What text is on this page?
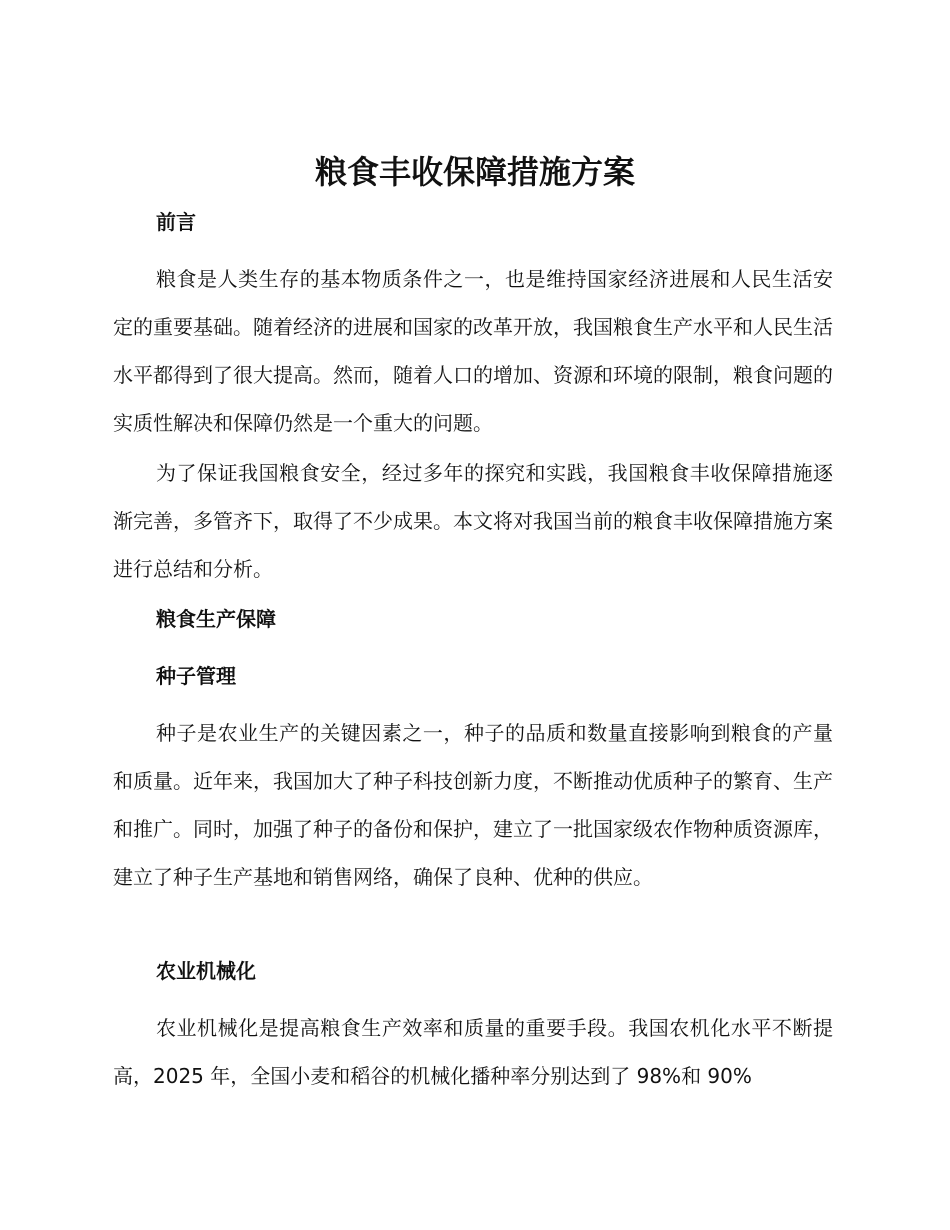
粮食丰收保障措施方案
前言

粮食是人类生存的基本物质条件之一，也是维持国家经济进展和人民生活安定的重要基础。随着经济的进展和国家的改革开放，我国粮食生产水平和人民生活水平都得到了很大提高。然而，随着人口的增加、资源和环境的限制，粮食问题的实质性解决和保障仍然是一个重大的问题。

为了保证我国粮食安全，经过多年的探究和实践，我国粮食丰收保障措施逐渐完善，多管齐下，取得了不少成果。本文将对我国当前的粮食丰收保障措施方案进行总结和分析。

粮食生产保障
种子管理

种子是农业生产的关键因素之一，种子的品质和数量直接影响到粮食的产量和质量。近年来，我国加大了种子科技创新力度，不断推动优质种子的繁育、生产和推广。同时，加强了种子的备份和保护，建立了一批国家级农作物种质资源库，建立了种子生产基地和销售网络，确保了良种、优种的供应。

农业机械化

农业机械化是提高粮食生产效率和质量的重要手段。我国农机化水平不断提高，2025 年，全国小麦和稻谷的机械化播种率分别达到了 98%和 90%
